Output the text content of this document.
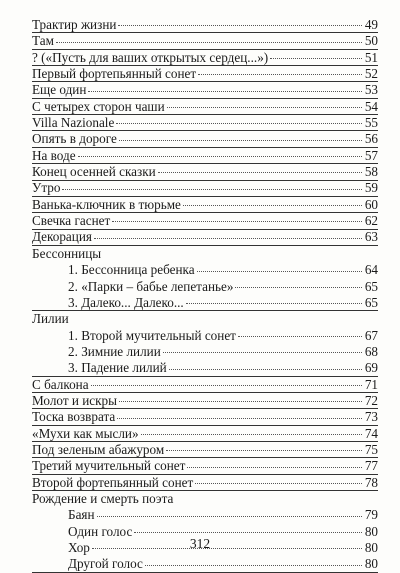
Трактир жизни	49
Там	50
? («Пусть для ваших открытых сердец...»)	51
Первый фортепьянный сонет	52
Еще один	53
С четырех сторон чаши	54
Villa Nazionale	55
Опять в дороге	56
На воде	57
Конец осенней сказки	58
Утро	59
Ванька-ключник в тюрьме	60
Свечка гаснет	62
Декорация	63
Бессонницы
1. Бессонница ребенка	64
2. «Парки – бабье лепетанье»	65
3. Далеко... Далеко...	65
Лилии
1. Второй мучительный сонет	67
2. Зимние лилии	68
3. Падение лилий	69
С балкона	71
Молот и искры	72
Тоска возврата	73
«Мухи как мысли»	74
Под зеленым абажуром	75
Третий мучительный сонет	77
Второй фортепьянный сонет	78
Рождение и смерть поэта
Баян	79
Один голос	80
Хор	80
Другой голос	80
312
